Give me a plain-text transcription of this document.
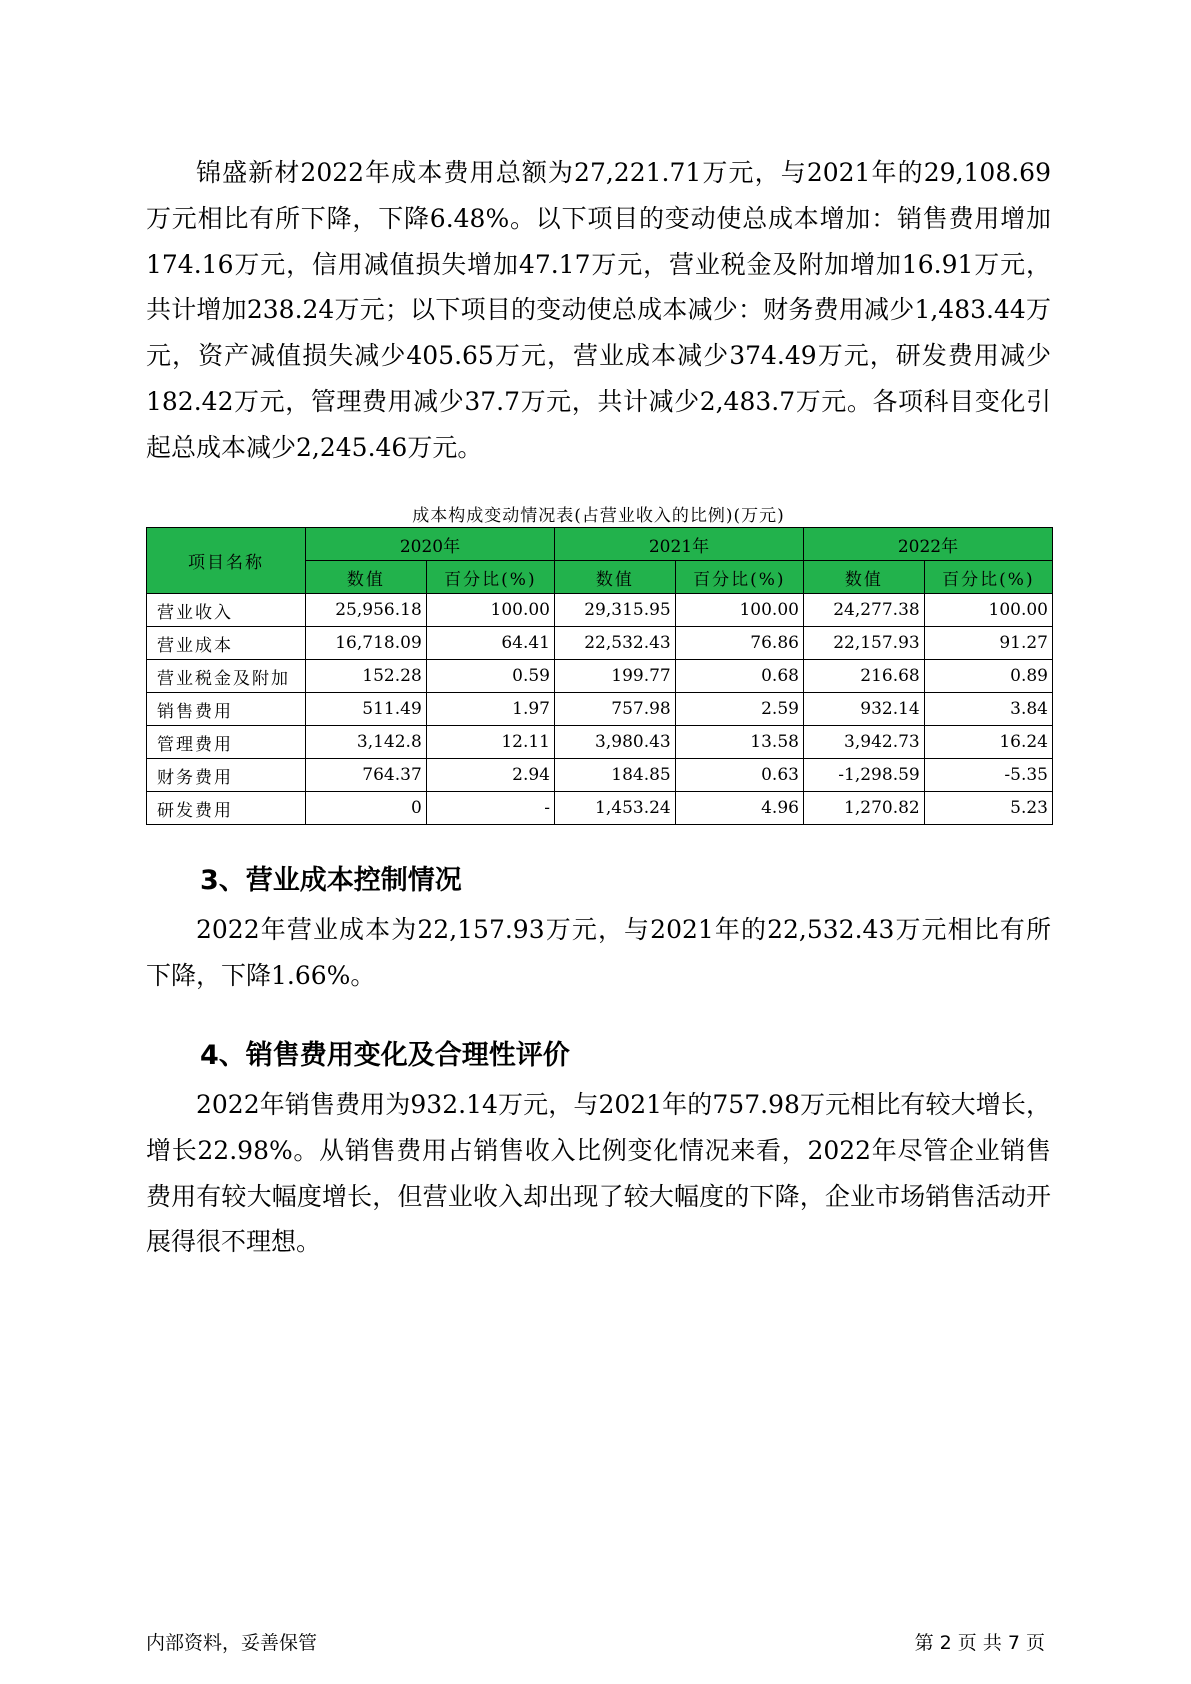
锦盛新材2022年成本费用总额为27,221.71万元，与2021年的29,108.69万元相比有所下降，下降6.48%。以下项目的变动使总成本增加：销售费用增加174.16万元，信用减值损失增加47.17万元，营业税金及附加增加16.91万元，共计增加238.24万元；以下项目的变动使总成本减少：财务费用减少1,483.44万元，资产减值损失减少405.65万元，营业成本减少374.49万元，研发费用减少182.42万元，管理费用减少37.7万元，共计减少2,483.7万元。各项科目变化引起总成本减少2,245.46万元。

成本构成变动情况表(占营业收入的比例)(万元)
项目名称	2020年		2021年		2022年	
	数值	百分比(%)	数值	百分比(%)	数值	百分比(%)
营业收入	25,956.18	100.00	29,315.95	100.00	24,277.38	100.00
营业成本	16,718.09	64.41	22,532.43	76.86	22,157.93	91.27
营业税金及附加	152.28	0.59	199.77	0.68	216.68	0.89
销售费用	511.49	1.97	757.98	2.59	932.14	3.84
管理费用	3,142.8	12.11	3,980.43	13.58	3,942.73	16.24
财务费用	764.37	2.94	184.85	0.63	-1,298.59	-5.35
研发费用	0	-	1,453.24	4.96	1,270.82	5.23
3、营业成本控制情况

2022年营业成本为22,157.93万元，与2021年的22,532.43万元相比有所下降，下降1.66%。

4、销售费用变化及合理性评价

2022年销售费用为932.14万元，与2021年的757.98万元相比有较大增长，增长22.98%。从销售费用占销售收入比例变化情况来看，2022年尽管企业销售费用有较大幅度增长，但营业收入却出现了较大幅度的下降，企业市场销售活动开展得很不理想。

内部资料，妥善保管	第 2 页 共 7 页
